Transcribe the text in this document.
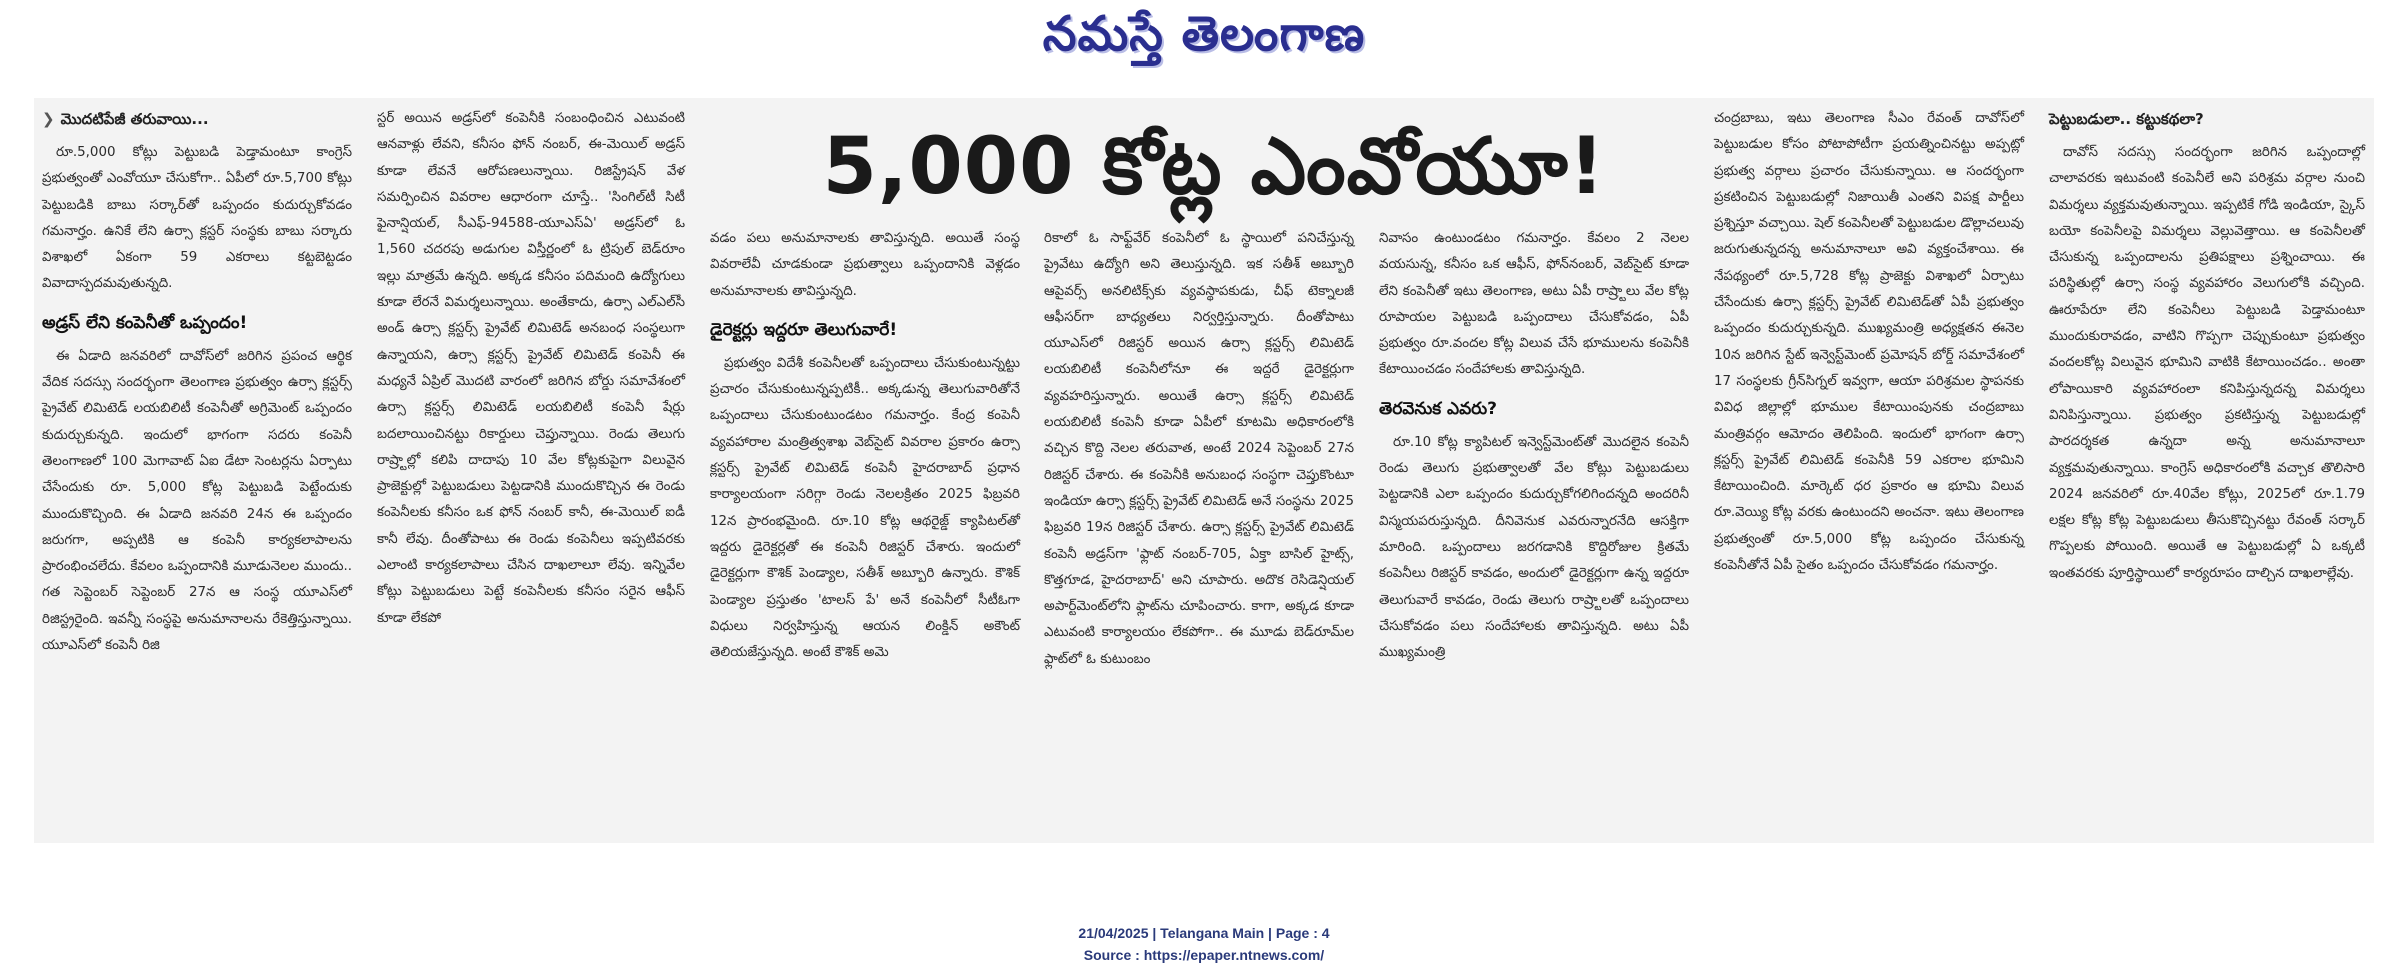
నమస్తే తెలంగాణ
❯ మొదటిపేజీ తరువాయి...

రూ.5,000 కోట్లు పెట్టుబడి పెడ్తామంటూ కాంగ్రెస్ ప్రభుత్వంతో ఎంవోయూ చేసుకోగా.. ఏపీలో రూ.5,700 కోట్లు పెట్టుబడికి బాబు సర్కార్‌తో ఒప్పందం కుదుర్చుకోవడం గమనార్హం. ఉనికే లేని ఉర్సా క్లస్టర్ సంస్థకు బాబు సర్కారు విశాఖలో ఏకంగా 59 ఎకరాలు కట్టబెట్టడం వివాదాస్పదమవుతున్నది.

అడ్రస్ లేని కంపెనీతో ఒప్పందం!

ఈ ఏడాది జనవరిలో దావోస్‌లో జరిగిన ప్రపంచ ఆర్థిక వేదిక సదస్సు సందర్భంగా తెలంగాణ ప్రభుత్వం ఉర్సా క్లస్టర్స్ ప్రైవేట్ లిమిటెడ్ లయబిలిటీ కంపెనీతో అగ్రిమెంట్ ఒప్పందం కుదుర్చుకున్నది. ఇందులో భాగంగా సదరు కంపెనీ తెలంగాణలో 100 మెగావాట్ ఏఐ డేటా సెంటర్లను ఏర్పాటు చేసేందుకు రూ. 5,000 కోట్ల పెట్టుబడి పెట్టేందుకు ముందుకొచ్చింది. ఈ ఏడాది జనవరి 24న ఈ ఒప్పందం జరుగగా, అప్పటికి ఆ కంపెనీ కార్యకలాపాలను ప్రారంభించలేదు. కేవలం ఒప్పందానికి మూడునెలల ముందు.. గత సెప్టెంబర్ సెప్టెంబర్ 27న ఆ సంస్థ యూఎస్‌లో రిజిస్ట్రరైంది. ఇవన్నీ సంస్థపై అనుమానాలను రేకెత్తిస్తున్నాయి. యూఎస్‌లో కంపెనీ రిజి

స్టర్ అయిన అడ్రస్‌లో కంపెనీకి సంబంధించిన ఎటువంటి ఆనవాళ్లు లేవని, కనీసం ఫోన్ నంబర్, ఈ-మెయిల్ అడ్రస్ కూడా లేవనే ఆరోపణలున్నాయి. రిజిస్ట్రేషన్ వేళ సమర్పించిన వివరాల ఆధారంగా చూస్తే.. 'సింగిల్‌టీ సిటీ ఫైనాన్షియల్, సీఎఫ్-94588-యూఎస్‌ఏ' అడ్రస్‌లో ఓ 1,560 చదరపు అడుగుల విస్తీర్ణంలో ఓ ట్రిపుల్ బెడ్‌రూం ఇల్లు మాత్రమే ఉన్నది. అక్కడ కనీసం పదిమంది ఉద్యోగులు కూడా లేరనే విమర్శలున్నాయి. అంతేకాదు, ఉర్సా ఎల్‌ఎల్‌సీ అండ్ ఉర్సా క్లస్టర్స్ ప్రైవేట్ లిమిటెడ్ అనబంధ సంస్థలుగా ఉన్నాయని, ఉర్సా క్లస్టర్స్ ప్రైవేట్ లిమిటెడ్ కంపెనీ ఈ మధ్యనే ఏప్రిల్ మొదటి వారంలో జరిగిన బోర్డు సమావేశంలో ఉర్సా క్లస్టర్స్ లిమిటెడ్ లయబిలిటీ కంపెనీ షేర్లు బదలాయించినట్టు రికార్డులు చెప్తున్నాయి. రెండు తెలుగు రాష్ర్టాల్లో కలిపి దాదాపు 10 వేల కోట్లకుపైగా విలువైన ప్రాజెక్టుల్లో పెట్టుబడులు పెట్టడానికి ముందుకొచ్చిన ఈ రెండు కంపెనీలకు కనీసం ఒక ఫోన్ నంబర్ కానీ, ఈ-మెయిల్ ఐడీ కానీ లేవు. దీంతోపాటు ఈ రెండు కంపెనీలు ఇప్పటివరకు ఎలాంటి కార్యకలాపాలు చేసిన దాఖలాలూ లేవు. ఇన్నివేల కోట్లు పెట్టుబడులు పెట్టే కంపెనీలకు కనీసం సరైన ఆఫీస్ కూడా లేకపో

5,000 కోట్ల ఎంవోయూ!

వడం పలు అనుమానాలకు తావిస్తున్నది. అయితే సంస్థ వివరాలేవీ చూడకుండా ప్రభుత్వాలు ఒప్పందానికి వెళ్లడం అనుమానాలకు తావిస్తున్నది.

డైరెక్టర్లు ఇద్దరూ తెలుగువారే!

ప్రభుత్వం విదేశీ కంపెనీలతో ఒప్పందాలు చేసుకుంటున్నట్టు ప్రచారం చేసుకుంటున్నప్పటికీ.. అక్కడున్న తెలుగువారితోనే ఒప్పందాలు చేసుకుంటుండటం గమనార్హం. కేంద్ర కంపెనీ వ్యవహారాల మంత్రిత్వశాఖ వెబ్‌సైట్ వివరాల ప్రకారం ఉర్సా క్లస్టర్స్ ప్రైవేట్ లిమిటెడ్ కంపెనీ హైదరాబాద్ ప్రధాన కార్యాలయంగా సరిగ్గా రెండు నెలలక్రితం 2025 ఫిబ్రవరి 12న ప్రారంభమైంది. రూ.10 కోట్ల ఆథరైజ్డ్ క్యాపిటల్‌తో ఇద్దరు డైరెక్టర్లతో ఈ కంపెనీ రిజిస్టర్ చేశారు. ఇందులో డైరెక్టర్లుగా కౌశిక్ పెండ్యాల, సతీశ్ అబ్బూరి ఉన్నారు. కౌశిక్ పెండ్యాల ప్రస్తుతం 'టాలస్ పే' అనే కంపెనీలో సీటీఓగా విధులు నిర్వహిస్తున్న ఆయన లింక్డిన్ అకౌంట్ తెలియజేస్తున్నది. అంటే కౌశిక్ అమె

రికాలో ఓ సాఫ్ట్‌వేర్ కంపెనీలో ఓ స్థాయిలో పనిచేస్తున్న ప్రైవేటు ఉద్యోగి అని తెలుస్తున్నది. ఇక సతీశ్ అబ్బూరి ఆపైవర్స్ అనలిటిక్స్‌కు వ్యవస్థాపకుడు, చీఫ్ టెక్నాలజీ ఆఫీసర్‌గా బాధ్యతలు నిర్వర్తిస్తున్నారు. దీంతోపాటు యూఎస్‌లో రిజిస్టర్ అయిన ఉర్సా క్లస్టర్స్ లిమిటెడ్ లయబిలిటీ కంపెనీలోనూ ఈ ఇద్దరే డైరెక్టర్లుగా వ్యవహరిస్తున్నారు. అయితే ఉర్సా క్లస్టర్స్ లిమిటెడ్ లయబిలిటీ కంపెనీ కూడా ఏపీలో కూటమి అధికారంలోకి వచ్చిన కొద్ది నెలల తరువాత, అంటే 2024 సెప్టెంబర్ 27న రిజిస్టర్ చేశారు. ఈ కంపెనీకి అనుబంధ సంస్థగా చెప్తుకొంటూ ఇండియా ఉర్సా క్లస్టర్స్ ప్రైవేట్ లిమిటెడ్ అనే సంస్థను 2025 ఫిబ్రవరి 19న రిజిస్టర్ చేశారు. ఉర్సా క్లస్టర్స్ ప్రైవేట్ లిమిటెడ్ కంపెనీ అడ్రస్‌గా 'ఫ్లాట్ నంబర్-705, ఏక్తా బాసిల్ హైట్స్, కొత్తగూడ, హైదరాబాద్' అని చూపారు. అదొక రెసిడెన్షియల్ అపార్ట్‌మెంట్‌లోని ఫ్లాట్‌ను చూపించారు. కాగా, అక్కడ కూడా ఎటువంటి కార్యాలయం లేకపోగా.. ఈ మూడు బెడ్‌రూమ్‌ల ఫ్లాట్‌లో ఓ కుటుంబం

నివాసం ఉంటుండటం గమనార్హం. కేవలం 2 నెలల వయసున్న, కనీసం ఒక ఆఫీస్, ఫోన్‌నంబర్, వెబ్‌సైట్ కూడా లేని కంపెనీతో ఇటు తెలంగాణ, అటు ఏపీ రాష్ర్టాలు వేల కోట్ల రూపాయల పెట్టుబడి ఒప్పందాలు చేసుకోవడం, ఏపీ ప్రభుత్వం రూ.వందల కోట్ల విలువ చేసే భూములను కంపెనీకి కేటాయించడం సందేహాలకు తావిస్తున్నది.

తెరవెనుక ఎవరు?

రూ.10 కోట్ల క్యాపిటల్ ఇన్వెస్ట్‌మెంట్‌తో మొదలైన కంపెనీ రెండు తెలుగు ప్రభుత్వాలతో వేల కోట్లు పెట్టుబడులు పెట్టడానికి ఎలా ఒప్పందం కుదుర్చుకోగలిగిందన్నది అందరినీ విస్మయపరుస్తున్నది. దీనివెనుక ఎవరున్నారనేది ఆసక్తిగా మారింది. ఒప్పందాలు జరగడానికి కొద్దిరోజుల క్రితమే కంపెనీలు రిజిస్టర్ కావడం, అందులో డైరెక్టర్లుగా ఉన్న ఇద్దరూ తెలుగువారే కావడం, రెండు తెలుగు రాష్ర్టాలతో ఒప్పందాలు చేసుకోవడం పలు సందేహాలకు తావిస్తున్నది. అటు ఏపీ ముఖ్యమంత్రి

చంద్రబాబు, ఇటు తెలంగాణ సీఎం రేవంత్ దావోస్‌లో పెట్టుబడుల కోసం పోటాపోటీగా ప్రయత్నించినట్టు అప్పట్లో ప్రభుత్వ వర్గాలు ప్రచారం చేసుకున్నాయి. ఆ సందర్భంగా ప్రకటించిన పెట్టుబడుల్లో నిజాయితీ ఎంతని విపక్ష పార్టీలు ప్రశ్నిస్తూ వచ్చాయి. షెల్ కంపెనీలతో పెట్టుబడుల డొల్లాచలువు జరుగుతున్నదన్న అనుమానాలూ అవి వ్యక్తంచేశాయి. ఈ నేపథ్యంలో రూ.5,728 కోట్ల ప్రాజెక్టు విశాఖలో ఏర్పాటు చేసేందుకు ఉర్సా క్లస్టర్స్ ప్రైవేట్ లిమిటెడ్‌తో ఏపీ ప్రభుత్వం ఒప్పందం కుదుర్చుకున్నది. ముఖ్యమంత్రి అధ్యక్షతన ఈనెల 10న జరిగిన స్టేట్ ఇన్వెస్ట్‌మెంట్ ప్రమోషన్ బోర్డ్ సమావేశంలో 17 సంస్థలకు గ్రీన్‌సిగ్నల్ ఇవ్వగా, ఆయా పరిశ్రమల స్థాపనకు వివిధ జిల్లాల్లో భూముల కేటాయింపునకు చంద్రబాబు మంత్రివర్గం ఆమోదం తెలిపింది. ఇందులో భాగంగా ఉర్సా క్లస్టర్స్ ప్రైవేట్ లిమిటెడ్ కంపెనీకి 59 ఎకరాల భూమిని కేటాయించింది. మార్కెట్ ధర ప్రకారం ఆ భూమి విలువ రూ.వెయ్యి కోట్ల వరకు ఉంటుందని అంచనా. ఇటు తెలంగాణ ప్రభుత్వంతో రూ.5,000 కోట్ల ఒప్పందం చేసుకున్న కంపెనీతోనే ఏపీ సైతం ఒప్పందం చేసుకోవడం గమనార్హం.

పెట్టుబడులా.. కట్టుకథలా?

దావోస్ సదస్సు సందర్భంగా జరిగిన ఒప్పందాల్లో చాలావరకు ఇటువంటి కంపెనీలే అని పరిశ్రమ వర్గాల నుంచి విమర్శలు వ్యక్తమవుతున్నాయి. ఇప్పటికే గోడి ఇండియా, స్కైస్ బయో కంపెనీలపై విమర్శలు వెల్లువెత్తాయి. ఆ కంపెనీలతో చేసుకున్న ఒప్పందాలను ప్రతిపక్షాలు ప్రశ్నించాయి. ఈ పరిస్థితుల్లో ఉర్సా సంస్థ వ్యవహారం వెలుగులోకి వచ్చింది. ఊరూపేరూ లేని కంపెనీలు పెట్టుబడి పెడ్తామంటూ ముందుకురావడం, వాటిని గొప్పగా చెప్పుకుంటూ ప్రభుత్వం వందలకోట్ల విలువైన భూమిని వాటికి కేటాయించడం.. అంతా లోపాయికారి వ్యవహారంలా కనిపిస్తున్నదన్న విమర్శలు వినిపిస్తున్నాయి. ప్రభుత్వం ప్రకటిస్తున్న పెట్టుబడుల్లో పారదర్శకత ఉన్నదా అన్న అనుమానాలూ వ్యక్తమవుతున్నాయి. కాంగ్రెస్ అధికారంలోకి వచ్చాక తొలిసారి 2024 జనవరిలో రూ.40వేల కోట్లు, 2025లో రూ.1.79 లక్షల కోట్ల కోట్ల పెట్టుబడులు తీసుకొచ్చినట్టు రేవంత్ సర్కార్ గొప్పలకు పోయింది. అయితే ఆ పెట్టుబడుల్లో ఏ ఒక్కటీ ఇంతవరకు పూర్తిస్థాయిలో కార్యరూపం దాల్చిన దాఖలాల్లేవు.

21/04/2025 | Telangana Main | Page : 4
Source : https://epaper.ntnews.com/
